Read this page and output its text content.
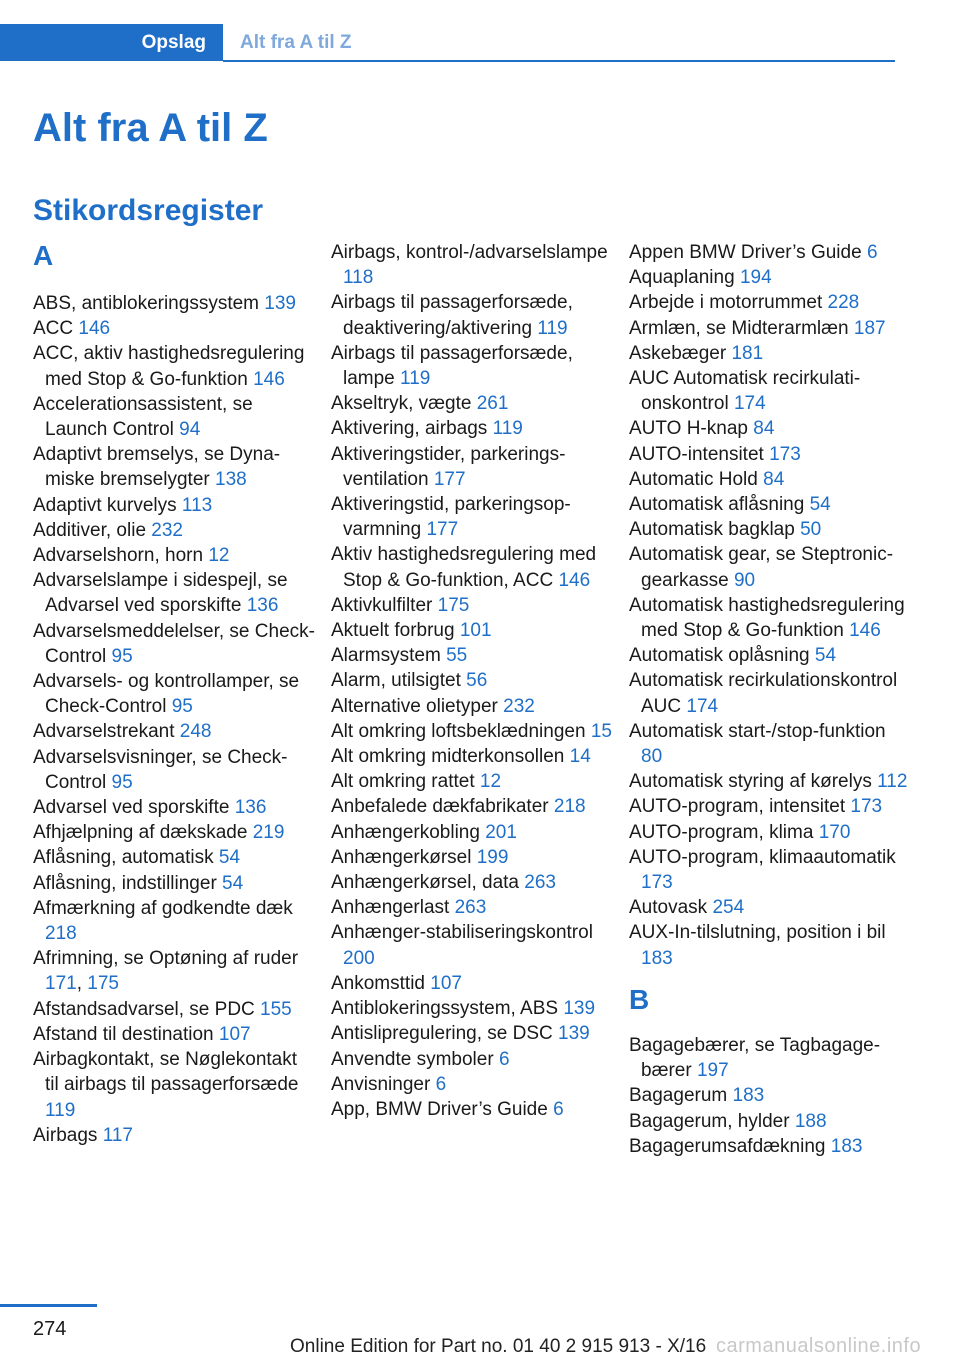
Opslag	Alt fra A til Z
Alt fra A til Z
Stikordsregister
A
ABS, antiblokeringssystem 139
ACC 146
ACC, aktiv hastighedsregulering med Stop & Go-funktion 146
Accelerationsassistent, se Launch Control 94
Adaptivt bremselys, se Dynamiske bremselygter 138
Adaptivt kurvelys 113
Additiver, olie 232
Advarselshorn, horn 12
Advarselslampe i sidespejl, se Advarsel ved sporskifte 136
Advarselsmeddelelser, se Check-Control 95
Advarsels- og kontrollamper, se Check-Control 95
Advarselstrekant 248
Advarselsvisninger, se Check-Control 95
Advarsel ved sporskifte 136
Afhjælpning af dækskade 219
Aflåsning, automatisk 54
Aflåsning, indstillinger 54
Afmærkning af godkendte dæk 218
Afrimning, se Optøning af ruder 171, 175
Afstandsadvarsel, se PDC 155
Afstand til destination 107
Airbagkontakt, se Nøglekontakt til airbags til passagerforsæde 119
Airbags 117
Airbags, kontrol-/advarselslampe 118
Airbags til passagerforsæde, deaktivering/aktivering 119
Airbags til passagerforsæde, lampe 119
Akseltryk, vægte 261
Aktivering, airbags 119
Aktiveringstider, parkeringsventilation 177
Aktiveringstid, parkeringsopvarmning 177
Aktiv hastighedsregulering med Stop & Go-funktion, ACC 146
Aktivkulfilter 175
Aktuelt forbrug 101
Alarmsystem 55
Alarm, utilsigtet 56
Alternative olietyper 232
Alt omkring loftsbeklædningen 15
Alt omkring midterkonsollen 14
Alt omkring rattet 12
Anbefalede dækfabrikater 218
Anhængerkobling 201
Anhængerkørsel 199
Anhængerkørsel, data 263
Anhængerlast 263
Anhænger-stabiliseringskontrol 200
Ankomsttid 107
Antiblokeringssystem, ABS 139
Antislipregulering, se DSC 139
Anvendte symboler 6
Anvisninger 6
App, BMW Driver’s Guide 6
Appen BMW Driver’s Guide 6
Aquaplaning 194
Arbejde i motorrummet 228
Armlæn, se Midterarmlæn 187
Askebæger 181
AUC Automatisk recirkulationskontrol 174
AUTO H-knap 84
AUTO-intensitet 173
Automatic Hold 84
Automatisk aflåsning 54
Automatisk bagklap 50
Automatisk gear, se Steptronic-gearkasse 90
Automatisk hastighedsregulering med Stop & Go-funktion 146
Automatisk oplåsning 54
Automatisk recirkulationskontrol AUC 174
Automatisk start-/stop-funktion 80
Automatisk styring af kørelys 112
AUTO-program, intensitet 173
AUTO-program, klima 170
AUTO-program, klimaautomatik 173
Autovask 254
AUX-In-tilslutning, position i bil 183
B
Bagagebærer, se Tagbagagebærer 197
Bagagerum 183
Bagagerum, hylder 188
Bagagerumsafdækning 183
274
Online Edition for Part no. 01 40 2 915 913 - X/16 carmanualsonline.info
